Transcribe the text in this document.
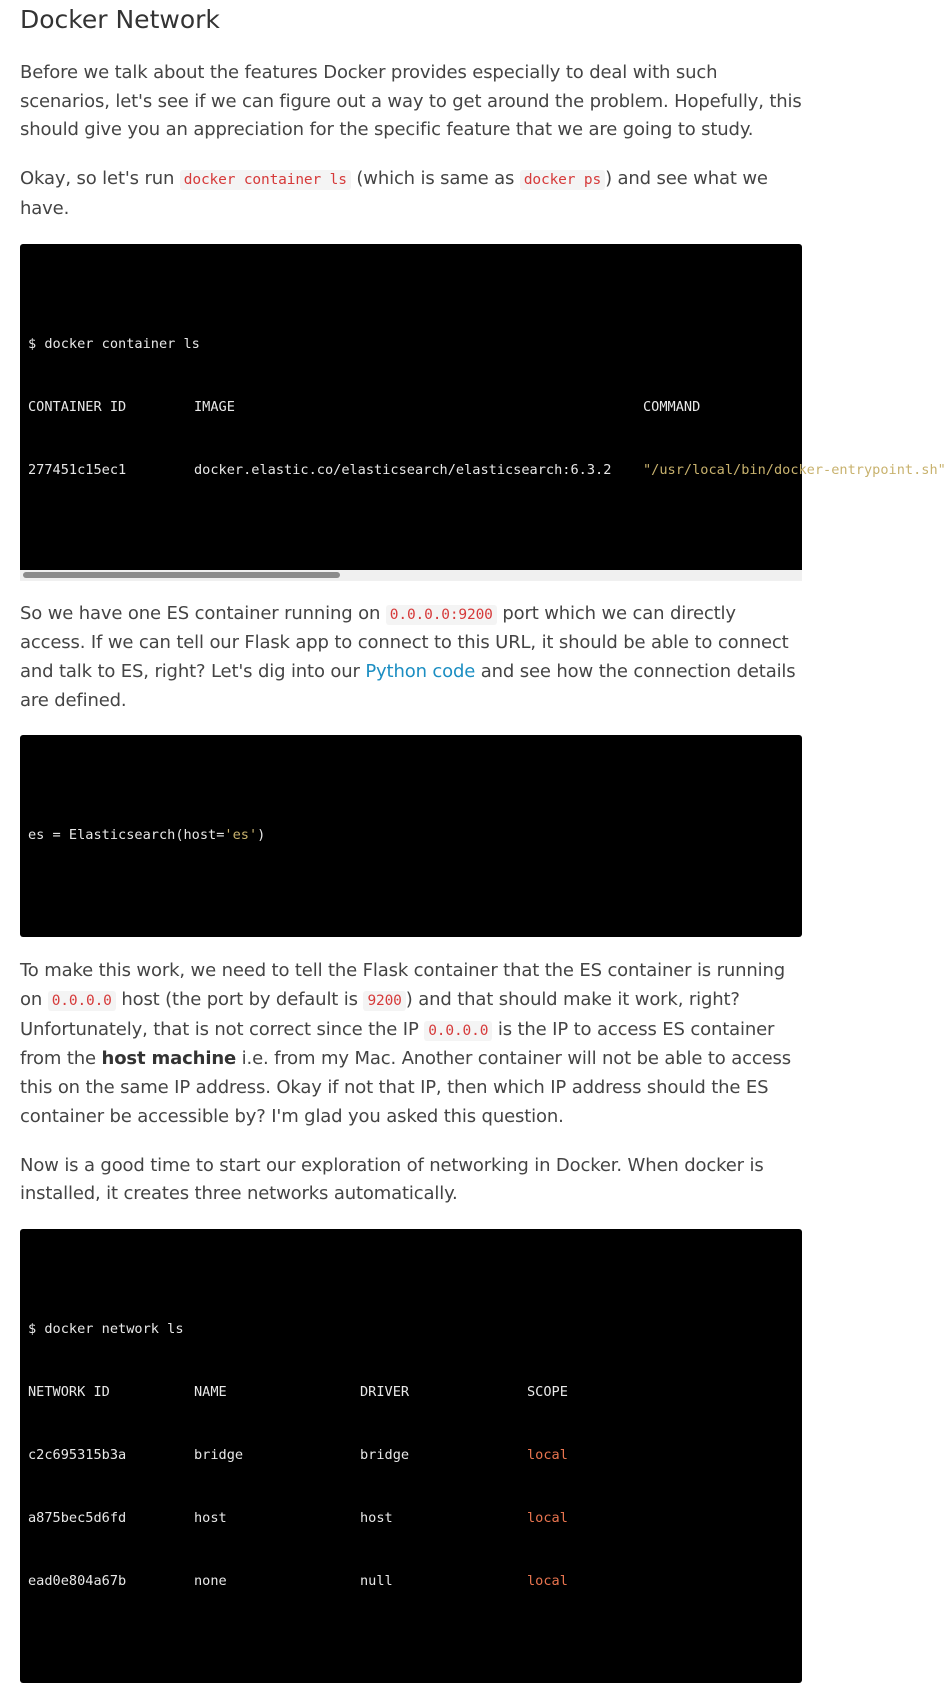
Docker Network

Before we talk about the features Docker provides especially to deal with such scenarios, let's see if we can figure out a way to get around the problem. Hopefully, this should give you an appreciation for the specific feature that we are going to study.

Okay, so let's run docker container ls (which is same as docker ps ) and see what we have.

$ docker container ls

CONTAINER ID	IMAGE	COMMAND

277451c15ec1	docker.elastic.co/elasticsearch/elasticsearch:6.3.2 "/usr/local/bin/docker-entrypoint.sh"

So we have one ES container running on 0.0.0.0:9200 port which we can directly access. If we can tell our Flask app to connect to this URL, it should be able to connect and talk to ES, right? Let's dig into our Python code and see how the connection details are defined.

es = Elasticsearch(host='es')

To make this work, we need to tell the Flask container that the ES container is running on 0.0.0.0 host (the port by default is 9200 ) and that should make it work, right? Unfortunately, that is not correct since the IP 0.0.0.0 is the IP to access ES container from the host machine i.e. from my Mac. Another container will not be able to access this on the same IP address. Okay if not that IP, then which IP address should the ES container be accessible by? I'm glad you asked this question.

Now is a good time to start our exploration of networking in Docker. When docker is installed, it creates three networks automatically.

$ docker network ls

NETWORK ID	NAME	DRIVER	SCOPE

c2c695315b3a	bridge	bridge	local

a875bec5d6fd	host	host	local

ead0e804a67b	none	null	local
